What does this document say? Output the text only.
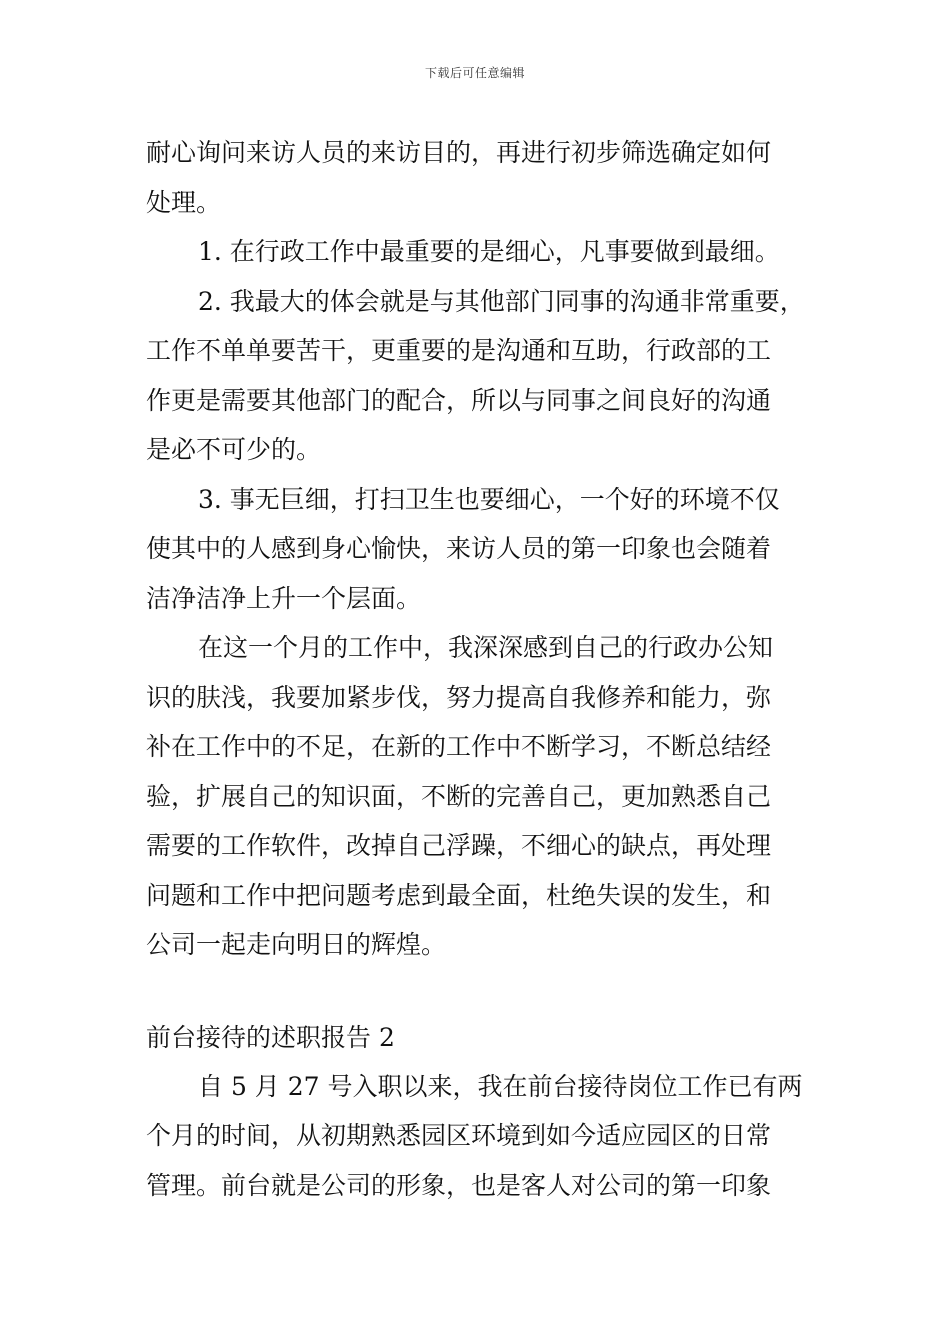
下载后可任意编辑
耐心询问来访人员的来访目的，再进行初步筛选确定如何
处理。
1. 在行政工作中最重要的是细心，凡事要做到最细。
2. 我最大的体会就是与其他部门同事的沟通非常重要，
工作不单单要苦干，更重要的是沟通和互助，行政部的工
作更是需要其他部门的配合，所以与同事之间良好的沟通
是必不可少的。
3. 事无巨细，打扫卫生也要细心，一个好的环境不仅
使其中的人感到身心愉快，来访人员的第一印象也会随着
洁净洁净上升一个层面。
在这一个月的工作中，我深深感到自己的行政办公知
识的肤浅，我要加紧步伐，努力提高自我修养和能力，弥
补在工作中的不足，在新的工作中不断学习，不断总结经
验，扩展自己的知识面，不断的完善自己，更加熟悉自己
需要的工作软件，改掉自己浮躁，不细心的缺点，再处理
问题和工作中把问题考虑到最全面，杜绝失误的发生，和
公司一起走向明日的辉煌。
前台接待的述职报告 2
自 5 月 27 号入职以来，我在前台接待岗位工作已有两
个月的时间，从初期熟悉园区环境到如今适应园区的日常
管理。前台就是公司的形象，也是客人对公司的第一印象
